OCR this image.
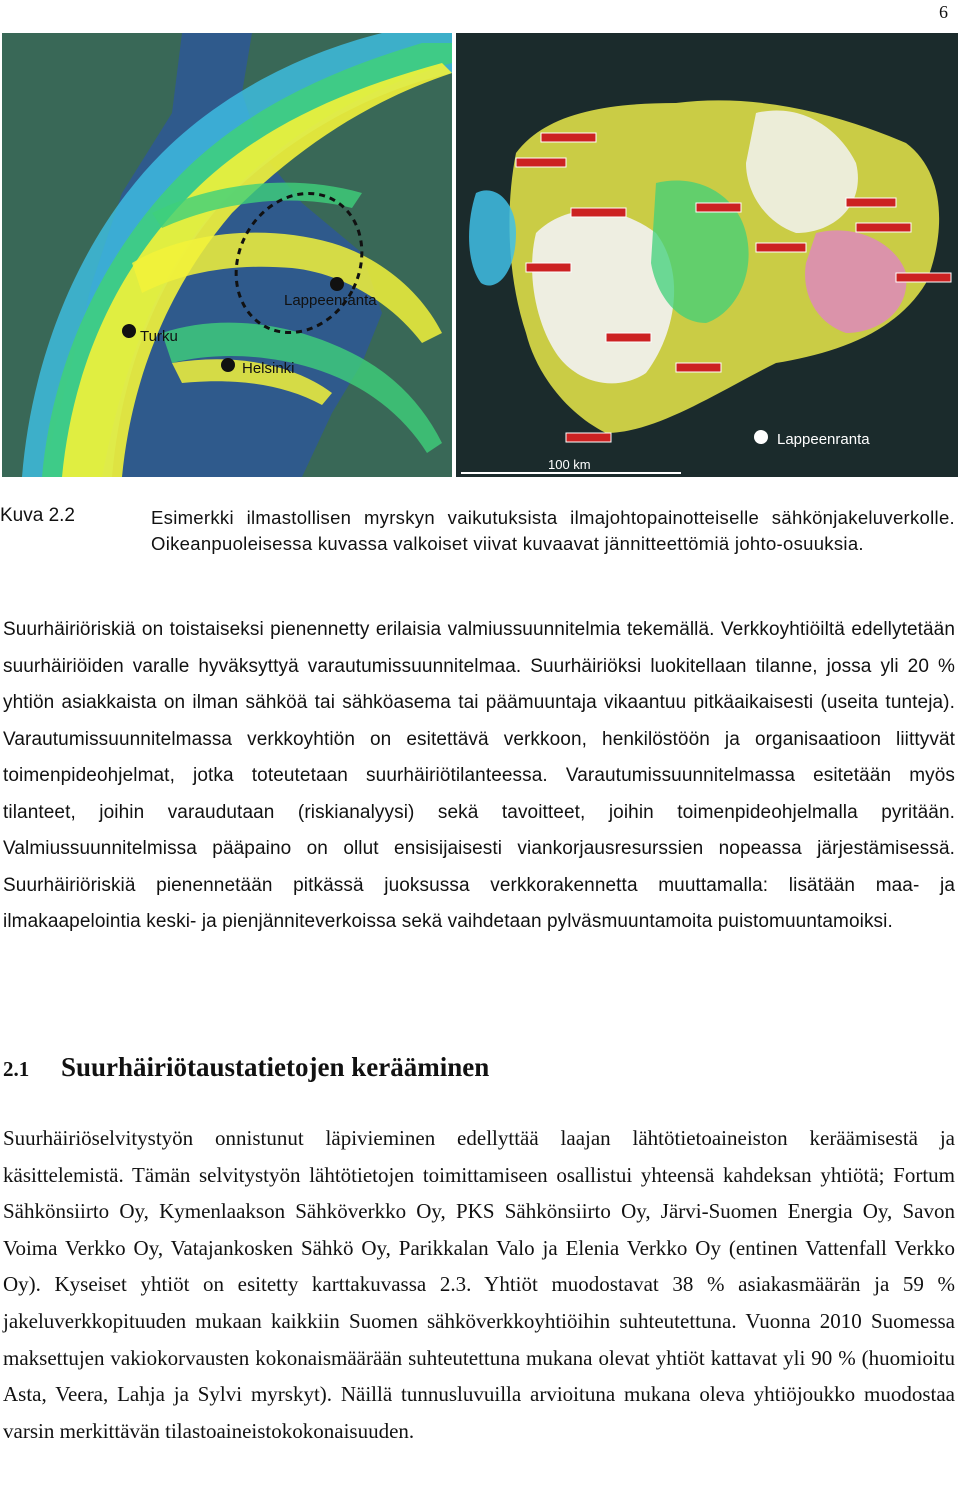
6
Lappeenranta
Turku
Helsinki
100 km
Lappeenranta
Kuva 2.2	Esimerkki ilmastollisen myrskyn vaikutuksista ilmajohtopainotteiselle sähkönjakeluverkolle. Oikeanpuoleisessa kuvassa valkoiset viivat kuvaavat jännitteettömiä johto-osuuksia.
Suurhäiriöriskiä on toistaiseksi pienennetty erilaisia valmiussuunnitelmia tekemällä. Verkkoyhtiöiltä edellytetään suurhäiriöiden varalle hyväksyttyä varautumissuunnitelmaa. Suurhäiriöksi luokitellaan tilanne, jossa yli 20 % yhtiön asiakkaista on ilman sähköä tai sähköasema tai päämuuntaja vikaantuu pitkäaikaisesti (useita tunteja). Varautumissuunnitelmassa verkkoyhtiön on esitettävä verkkoon, henkilöstöön ja organisaatioon liittyvät toimenpideohjelmat, jotka toteutetaan suurhäiriötilanteessa. Varautumissuunnitelmassa esitetään myös tilanteet, joihin varaudutaan (riskianalyysi) sekä tavoitteet, joihin toimenpideohjelmalla pyritään. Valmiussuunnitelmissa pääpaino on ollut ensisijaisesti viankorjausresurssien nopeassa järjestämisessä. Suurhäiriöriskiä pienennetään pitkässä juoksussa verkkorakennetta muuttamalla: lisätään maa- ja ilmakaapelointia keski- ja pienjänniteverkoissa sekä vaihdetaan pylväsmuuntamoita puistomuuntamoiksi.
2.1 Suurhäiriötaustatietojen kerääminen
Suurhäiriöselvitystyön onnistunut läpivieminen edellyttää laajan lähtötietoaineiston keräämisestä ja käsittelemistä. Tämän selvitystyön lähtötietojen toimittamiseen osallistui yhteensä kahdeksan yhtiötä; Fortum Sähkönsiirto Oy, Kymenlaakson Sähköverkko Oy, PKS Sähkönsiirto Oy, Järvi-Suomen Energia Oy, Savon Voima Verkko Oy, Vatajankosken Sähkö Oy, Parikkalan Valo ja Elenia Verkko Oy (entinen Vattenfall Verkko Oy). Kyseiset yhtiöt on esitetty karttakuvassa 2.3. Yhtiöt muodostavat 38 % asiakasmäärän ja 59 % jakeluverkkopituuden mukaan kaikkiin Suomen sähköverkkoyhtiöihin suhteutettuna. Vuonna 2010 Suomessa maksettujen vakiokorvausten kokonaismäärään suhteutettuna mukana olevat yhtiöt kattavat yli 90 % (huomioitu Asta, Veera, Lahja ja Sylvi myrskyt). Näillä tunnusluvuilla arvioituna mukana oleva yhtiöjoukko muodostaa varsin merkittävän tilastoaineistokokonaisuuden.
